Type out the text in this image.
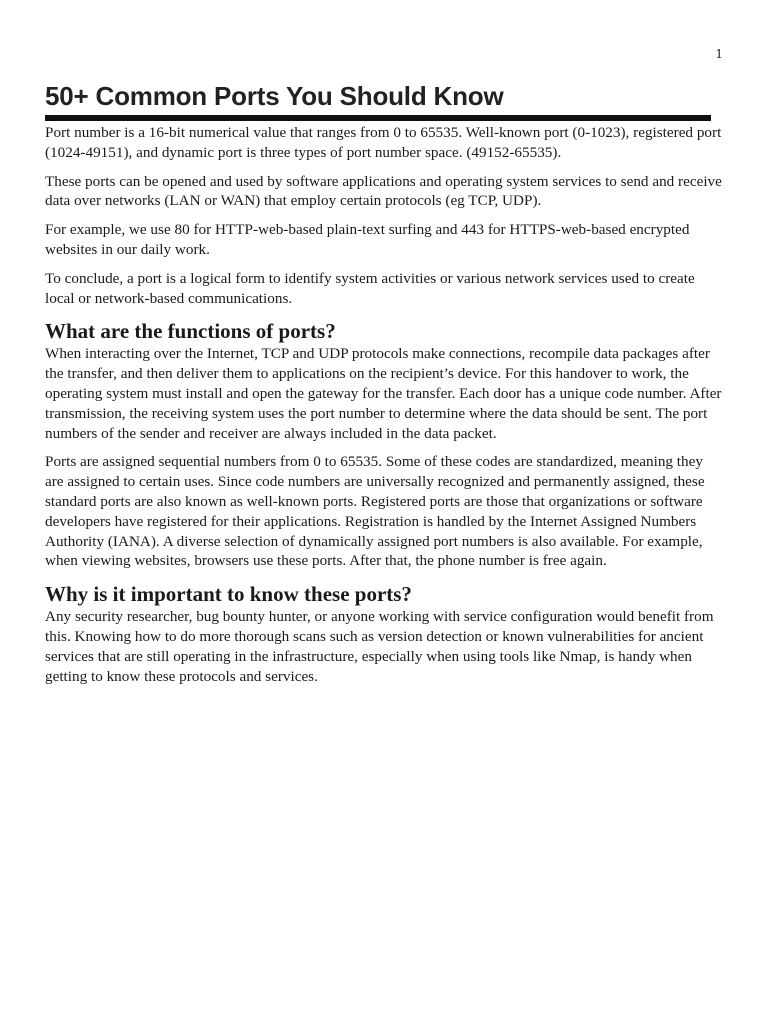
1
50+ Common Ports You Should Know

Port number is a 16-bit numerical value that ranges from 0 to 65535. Well-known port (0-1023), registered port (1024-49151), and dynamic port is three types of port number space. (49152-65535).

These ports can be opened and used by software applications and operating system services to send and receive data over networks (LAN or WAN) that employ certain protocols (eg TCP, UDP).

For example, we use 80 for HTTP-web-based plain-text surfing and 443 for HTTPS-web-based encrypted websites in our daily work.

To conclude, a port is a logical form to identify system activities or various network services used to create local or network-based communications.

What are the functions of ports?

When interacting over the Internet, TCP and UDP protocols make connections, recompile data packages after the transfer, and then deliver them to applications on the recipient’s device. For this handover to work, the operating system must install and open the gateway for the transfer. Each door has a unique code number. After transmission, the receiving system uses the port number to determine where the data should be sent. The port numbers of the sender and receiver are always included in the data packet.

Ports are assigned sequential numbers from 0 to 65535. Some of these codes are standardized, meaning they are assigned to certain uses. Since code numbers are universally recognized and permanently assigned, these standard ports are also known as well-known ports. Registered ports are those that organizations or software developers have registered for their applications. Registration is handled by the Internet Assigned Numbers Authority (IANA). A diverse selection of dynamically assigned port numbers is also available. For example, when viewing websites, browsers use these ports. After that, the phone number is free again.

Why is it important to know these ports?

Any security researcher, bug bounty hunter, or anyone working with service configuration would benefit from this. Knowing how to do more thorough scans such as version detection or known vulnerabilities for ancient services that are still operating in the infrastructure, especially when using tools like Nmap, is handy when getting to know these protocols and services.
